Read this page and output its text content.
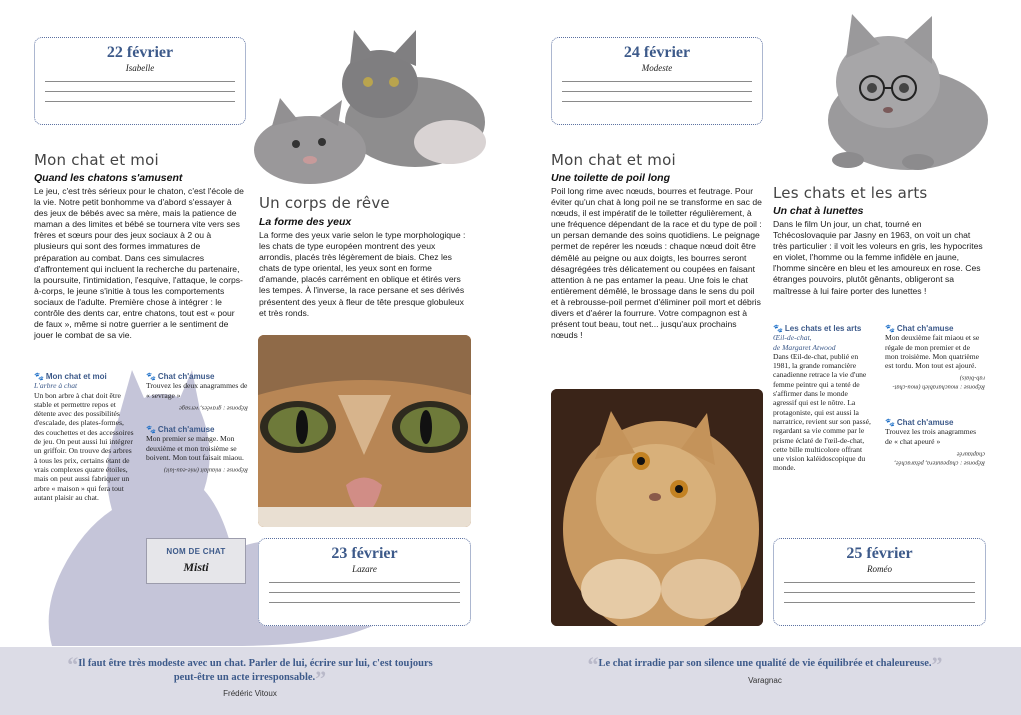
22 février
Isabelle
Mon chat et moi
Quand les chatons s'amusent
Le jeu, c'est très sérieux pour le chaton, c'est l'école de la vie. Notre petit bonhomme va d'abord s'essayer à des jeux de bébés avec sa mère, mais la patience de maman a des limites et bébé se tournera vite vers ses frères et sœurs pour des jeux sociaux à 2 ou à plusieurs qui sont des formes immatures de préparation au combat. Dans ces simulacres d'affrontement qui incluent la recherche du partenaire, la poursuite, l'intimidation, l'esquive, l'attaque, le corps-à-corps, le jeune s'initie à tous les comportements sociaux de l'adulte. Première chose à intégrer : le contrôle des dents car, entre chatons, tout est « pour de faux », même si notre guerrier a le sentiment de jouer le combat de sa vie.
🐾 Mon chat et moi
L'arbre à chat
Un bon arbre à chat doit être stable et permettre repos et détente avec des possibilités d'escalade, des plates-formes, des couchettes et des accessoires de jeu. On peut aussi lui intégrer un griffoir. On trouve des arbres à tous les prix, certains étant de vrais complexes quatre étoiles, mais on peut aussi fabriquer un arbre « maison » qui fera tout autant plaisir au chat.
🐾 Chat ch'amuse
Trouvez les deux anagrammes de « sevrage »
Réponse : gravées, versage
🐾 Chat ch'amuse
Mon premier se mange. Mon deuxième et mon troisième se boivent. Mon tout faisait miaou.
Réponse : miaulait (mie-eau-lait)
NOM DE CHAT
Misti
Un corps de rêve
La forme des yeux
La forme des yeux varie selon le type morphologique : les chats de type européen montrent des yeux arrondis, placés très légèrement de biais. Chez les chats de type oriental, les yeux sont en forme d'amande, placés carrément en oblique et étirés vers les tempes. À l'inverse, la race persane et ses dérivés présentent des yeux à fleur de tête presque globuleux et très ronds.
23 février
Lazare
24 février
Modeste
Mon chat et moi
Une toilette de poil long
Poil long rime avec nœuds, bourres et feutrage. Pour éviter qu'un chat à long poil ne se transforme en sac de nœuds, il est impératif de le toiletter régulièrement, à une fréquence dépendant de la race et du type de poil : un persan demande des soins quotidiens. Le peignage permet de repérer les nœuds : chaque nœud doit être démêlé au peigne ou aux doigts, les bourres seront désagrégées très délicatement ou coupées en faisant attention à ne pas entamer la peau. Une fois le chat entièrement démêlé, le brossage dans le sens du poil et à rebrousse-poil permet d'éliminer poil mort et débris divers et d'aérer la fourrure. Votre compagnon est à présent tout beau, tout net... jusqu'aux prochains nœuds !
Les chats et les arts
Un chat à lunettes
Dans le film Un jour, un chat, tourné en Tchécoslovaquie par Jasny en 1963, on voit un chat très particulier : il voit les voleurs en gris, les hypocrites en violet, l'homme ou la femme infidèle en jaune, l'homme sincère en bleu et les amoureux en rose. Ces étranges pouvoirs, plutôt gênants, obligeront sa maîtresse à lui faire porter des lunettes !
🐾 Les chats et les arts
Œil-de-chat,
de Margaret Atwood
Dans Œil-de-chat, publié en 1981, la grande romancière canadienne retrace la vie d'une femme peintre qui a tenté de s'affirmer dans le monde agressif qui est le nôtre. La protagoniste, qui est aussi la narratrice, revient sur son passé, regardant sa vie comme par le prisme éclaté de l'œil-de-chat, cette bille multicolore offrant une vision kaléidoscopique du monde.
🐾 Chat ch'amuse
Mon deuxième fait miaou et se régale de mon premier et de mon troisième. Mon quatrième est tordu. Mon tout est ajouré.
Réponse : moucharabieh (mou-chat-rab-biais)
🐾 Chat ch'amuse
Trouvez les trois anagrammes de « chat apeuré »
Réponse : chapeautera, pétarachée, chaptaurée
25 février
Roméo
“Il faut être très modeste avec un chat. Parler de lui, écrire sur lui, c'est toujours peut-être un acte irresponsable.”
Frédéric Vitoux
“Le chat irradie par son silence une qualité de vie équilibrée et chaleureuse.”
Varagnac
